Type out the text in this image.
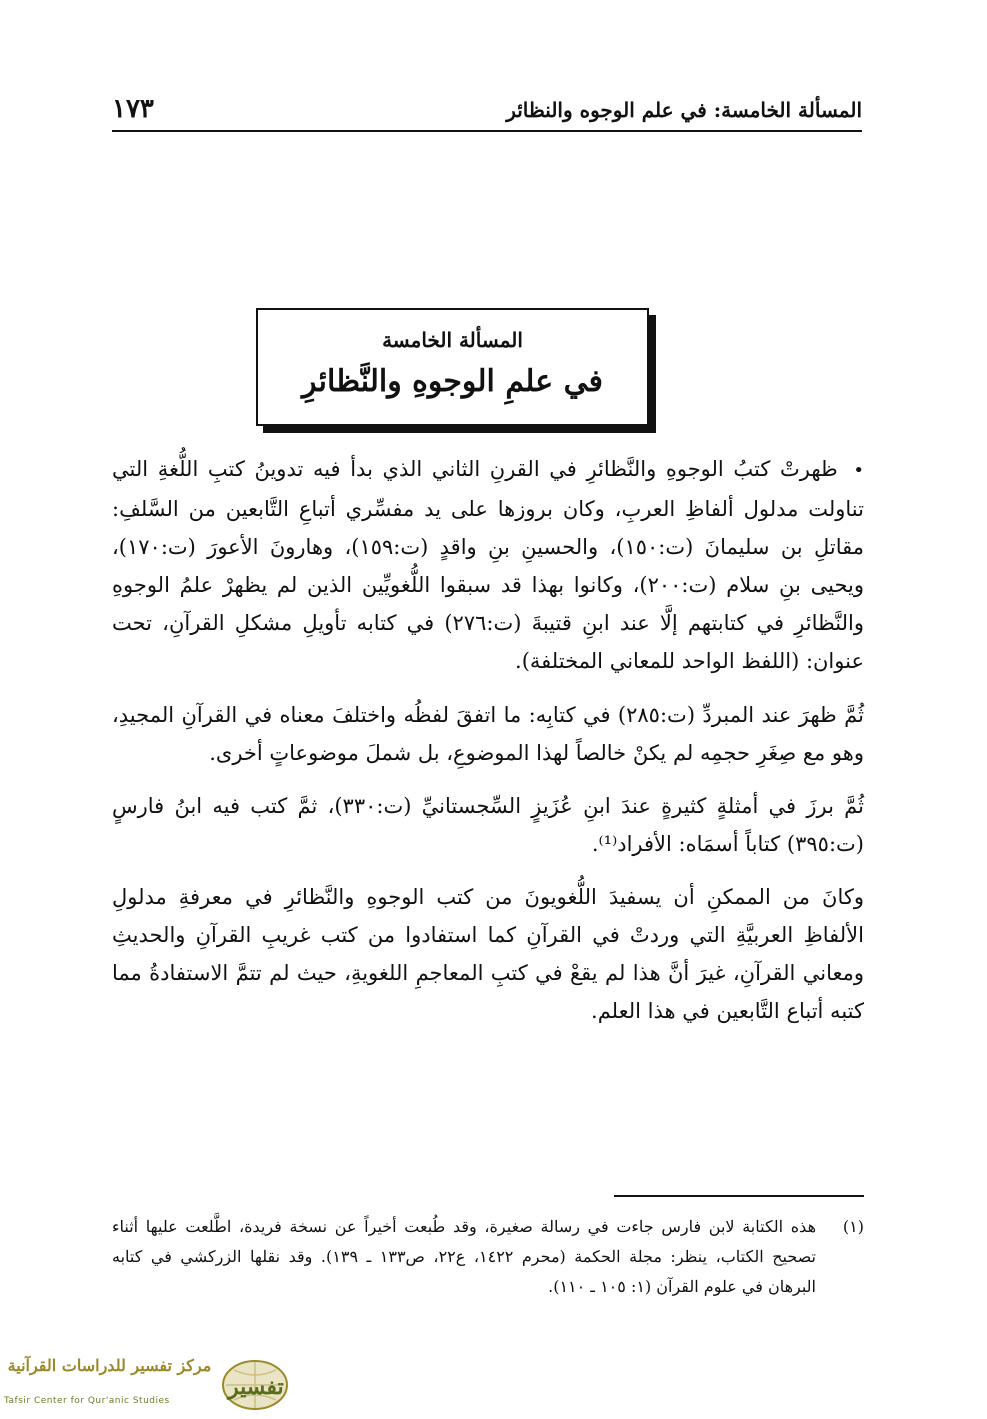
المسألة الخامسة: في علم الوجوه والنظائر
١٧٣
المسألة الخامسة
في علمِ الوجوهِ والنَّظائرِ

• ظهرتْ كتبُ الوجوهِ والنَّظائرِ في القرنِ الثاني الذي بدأ فيه تدوينُ كتبِ اللُّغةِ التي تناولت مدلول ألفاظِ العربِ، وكان بروزها على يد مفسِّري أتباعِ التَّابعين من السَّلفِ: مقاتلِ بن سليمانَ (ت:١٥٠)، والحسينِ بنِ واقدٍ (ت:١٥٩)، وهارونَ الأعورَ (ت:١٧٠)، ويحيى بنِ سلام (ت:٢٠٠)، وكانوا بهذا قد سبقوا اللُّغويِّين الذين لم يظهرْ علمُ الوجوهِ والنَّظائرِ في كتابتهم إلَّا عند ابنِ قتيبةَ (ت:٢٧٦) في كتابه تأويلِ مشكلِ القرآنِ، تحت عنوان: (اللفظ الواحد للمعاني المختلفة).

ثُمَّ ظهرَ عند المبردِّ (ت:٢٨٥) في كتابِه: ما اتفقَ لفظُه واختلفَ معناه في القرآنِ المجيدِ، وهو مع صِغَرِ حجمِه لم يكنْ خالصاً لهذا الموضوعِ، بل شملَ موضوعاتٍ أخرى.

ثُمَّ برزَ في أمثلةٍ كثيرةٍ عندَ ابنِ عُزَيزٍ السِّجستانيِّ (ت:٣٣٠)، ثمَّ كتب فيه ابنُ فارسٍ (ت:٣٩٥) كتاباً أسمَاه: الأفراد⁽¹⁾.

وكانَ من الممكنِ أن يسفيدَ اللُّغويونَ من كتب الوجوهِ والنَّظائرِ في معرفةِ مدلولِ الألفاظِ العربيَّةِ التي وردتْ في القرآنِ كما استفادوا من كتب غريبِ القرآنِ والحديثِ ومعاني القرآنِ، غيرَ أنَّ هذا لم يقعْ في كتبِ المعاجمِ اللغويةِ، حيث لم تتمَّ الاستفادةُ مما كتبه أتباع التَّابعين في هذا العلم.

(١)
هذه الكتابة لابن فارس جاءت في رسالة صغيرة، وقد طُبعت أخيراً عن نسخة فريدة، اطَّلعت عليها أثناء تصحيح الكتاب، ينظر: مجلة الحكمة (محرم ١٤٢٢، ع٢٢، ص١٣٣ ـ ١٣٩). وقد نقلها الزركشي في كتابه البرهان في علوم القرآن (١: ١٠٥ ـ ١١٠).
مركز تفسير للدراسات القرآنية
Tafsir Center for Qur'anic Studies
تفسير
